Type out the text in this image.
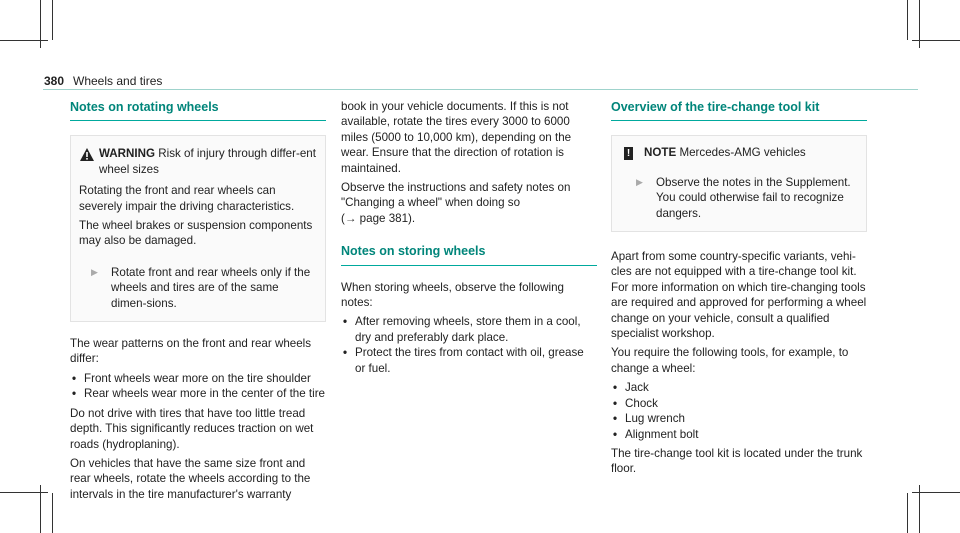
380 Wheels and tires
Notes on rotating wheels
WARNING Risk of injury through differ-ent wheel sizes

Rotating the front and rear wheels can severely impair the driving characteristics.

The wheel brakes or suspension components may also be damaged.

▶ Rotate front and rear wheels only if the wheels and tires are of the same dimen-sions.

The wear patterns on the front and rear wheels differ:

• Front wheels wear more on the tire shoulder
• Rear wheels wear more in the center of the tire

Do not drive with tires that have too little tread depth. This significantly reduces traction on wet roads (hydroplaning).

On vehicles that have the same size front and rear wheels, rotate the wheels according to the intervals in the tire manufacturer's warranty

book in your vehicle documents. If this is not available, rotate the tires every 3000 to 6000 miles (5000 to 10,000 km), depending on the wear. Ensure that the direction of rotation is maintained.

Observe the instructions and safety notes on "Changing a wheel" when doing so
(→ page 381).

Notes on storing wheels

When storing wheels, observe the following notes:

• After removing wheels, store them in a cool, dry and preferably dark place.
• Protect the tires from contact with oil, grease or fuel.
Overview of the tire-change tool kit
! NOTE
Mercedes-AMG vehicles
▶ Observe the notes in the Supplement. You could otherwise fail to recognize dangers.

Apart from some country-specific variants, vehi-cles are not equipped with a tire-change tool kit. For more information on which tire-changing tools are required and approved for performing a wheel change on your vehicle, consult a qualified specialist workshop.

You require the following tools, for example, to change a wheel:

• Jack
• Chock
• Lug wrench
• Alignment bolt

The tire-change tool kit is located under the trunk floor.
